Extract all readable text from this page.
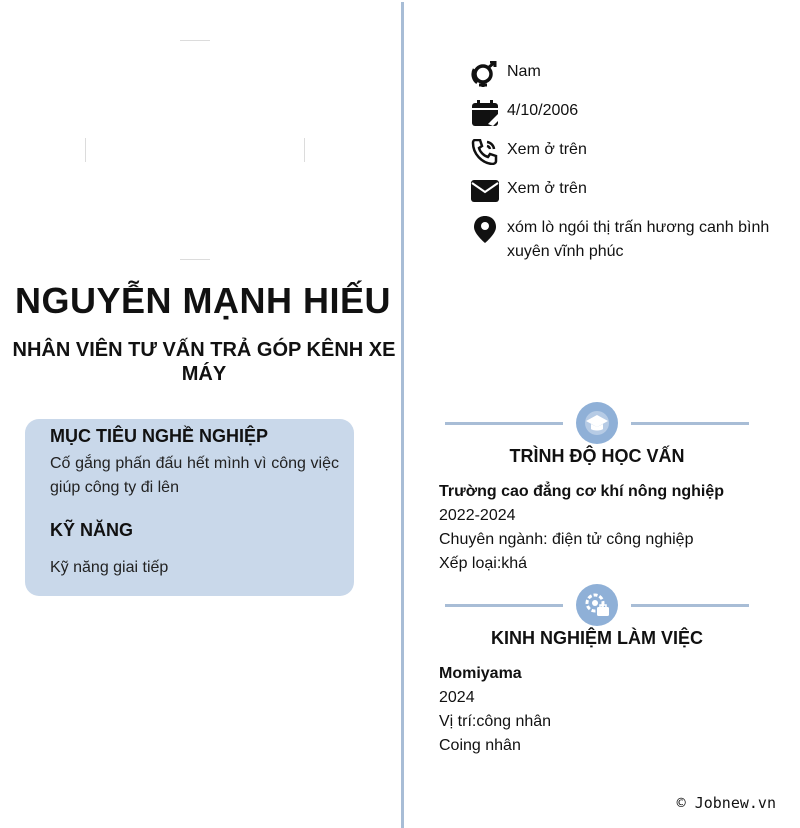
NGUYỄN MẠNH HIẾU
NHÂN VIÊN TƯ VẤN TRẢ GÓP KÊNH XE MÁY
MỤC TIÊU NGHỀ NGHIỆP
Cố gắng phấn đấu hết mình vì công việc giúp công ty đi lên
KỸ NĂNG
Kỹ năng giai tiếp
Nam
4/10/2006
Xem ở trên
Xem ở trên
xóm lò ngói thị trấn hương canh bình xuyên vĩnh phúc
TRÌNH ĐỘ HỌC VẤN
Trường cao đẳng cơ khí nông nghiệp
2022-2024
Chuyên ngành: điện tử công nghiệp
Xếp loại:khá
KINH NGHIỆM LÀM VIỆC
Momiyama
2024
Vị trí:công nhân
Coing nhân
© Jobnew.vn
